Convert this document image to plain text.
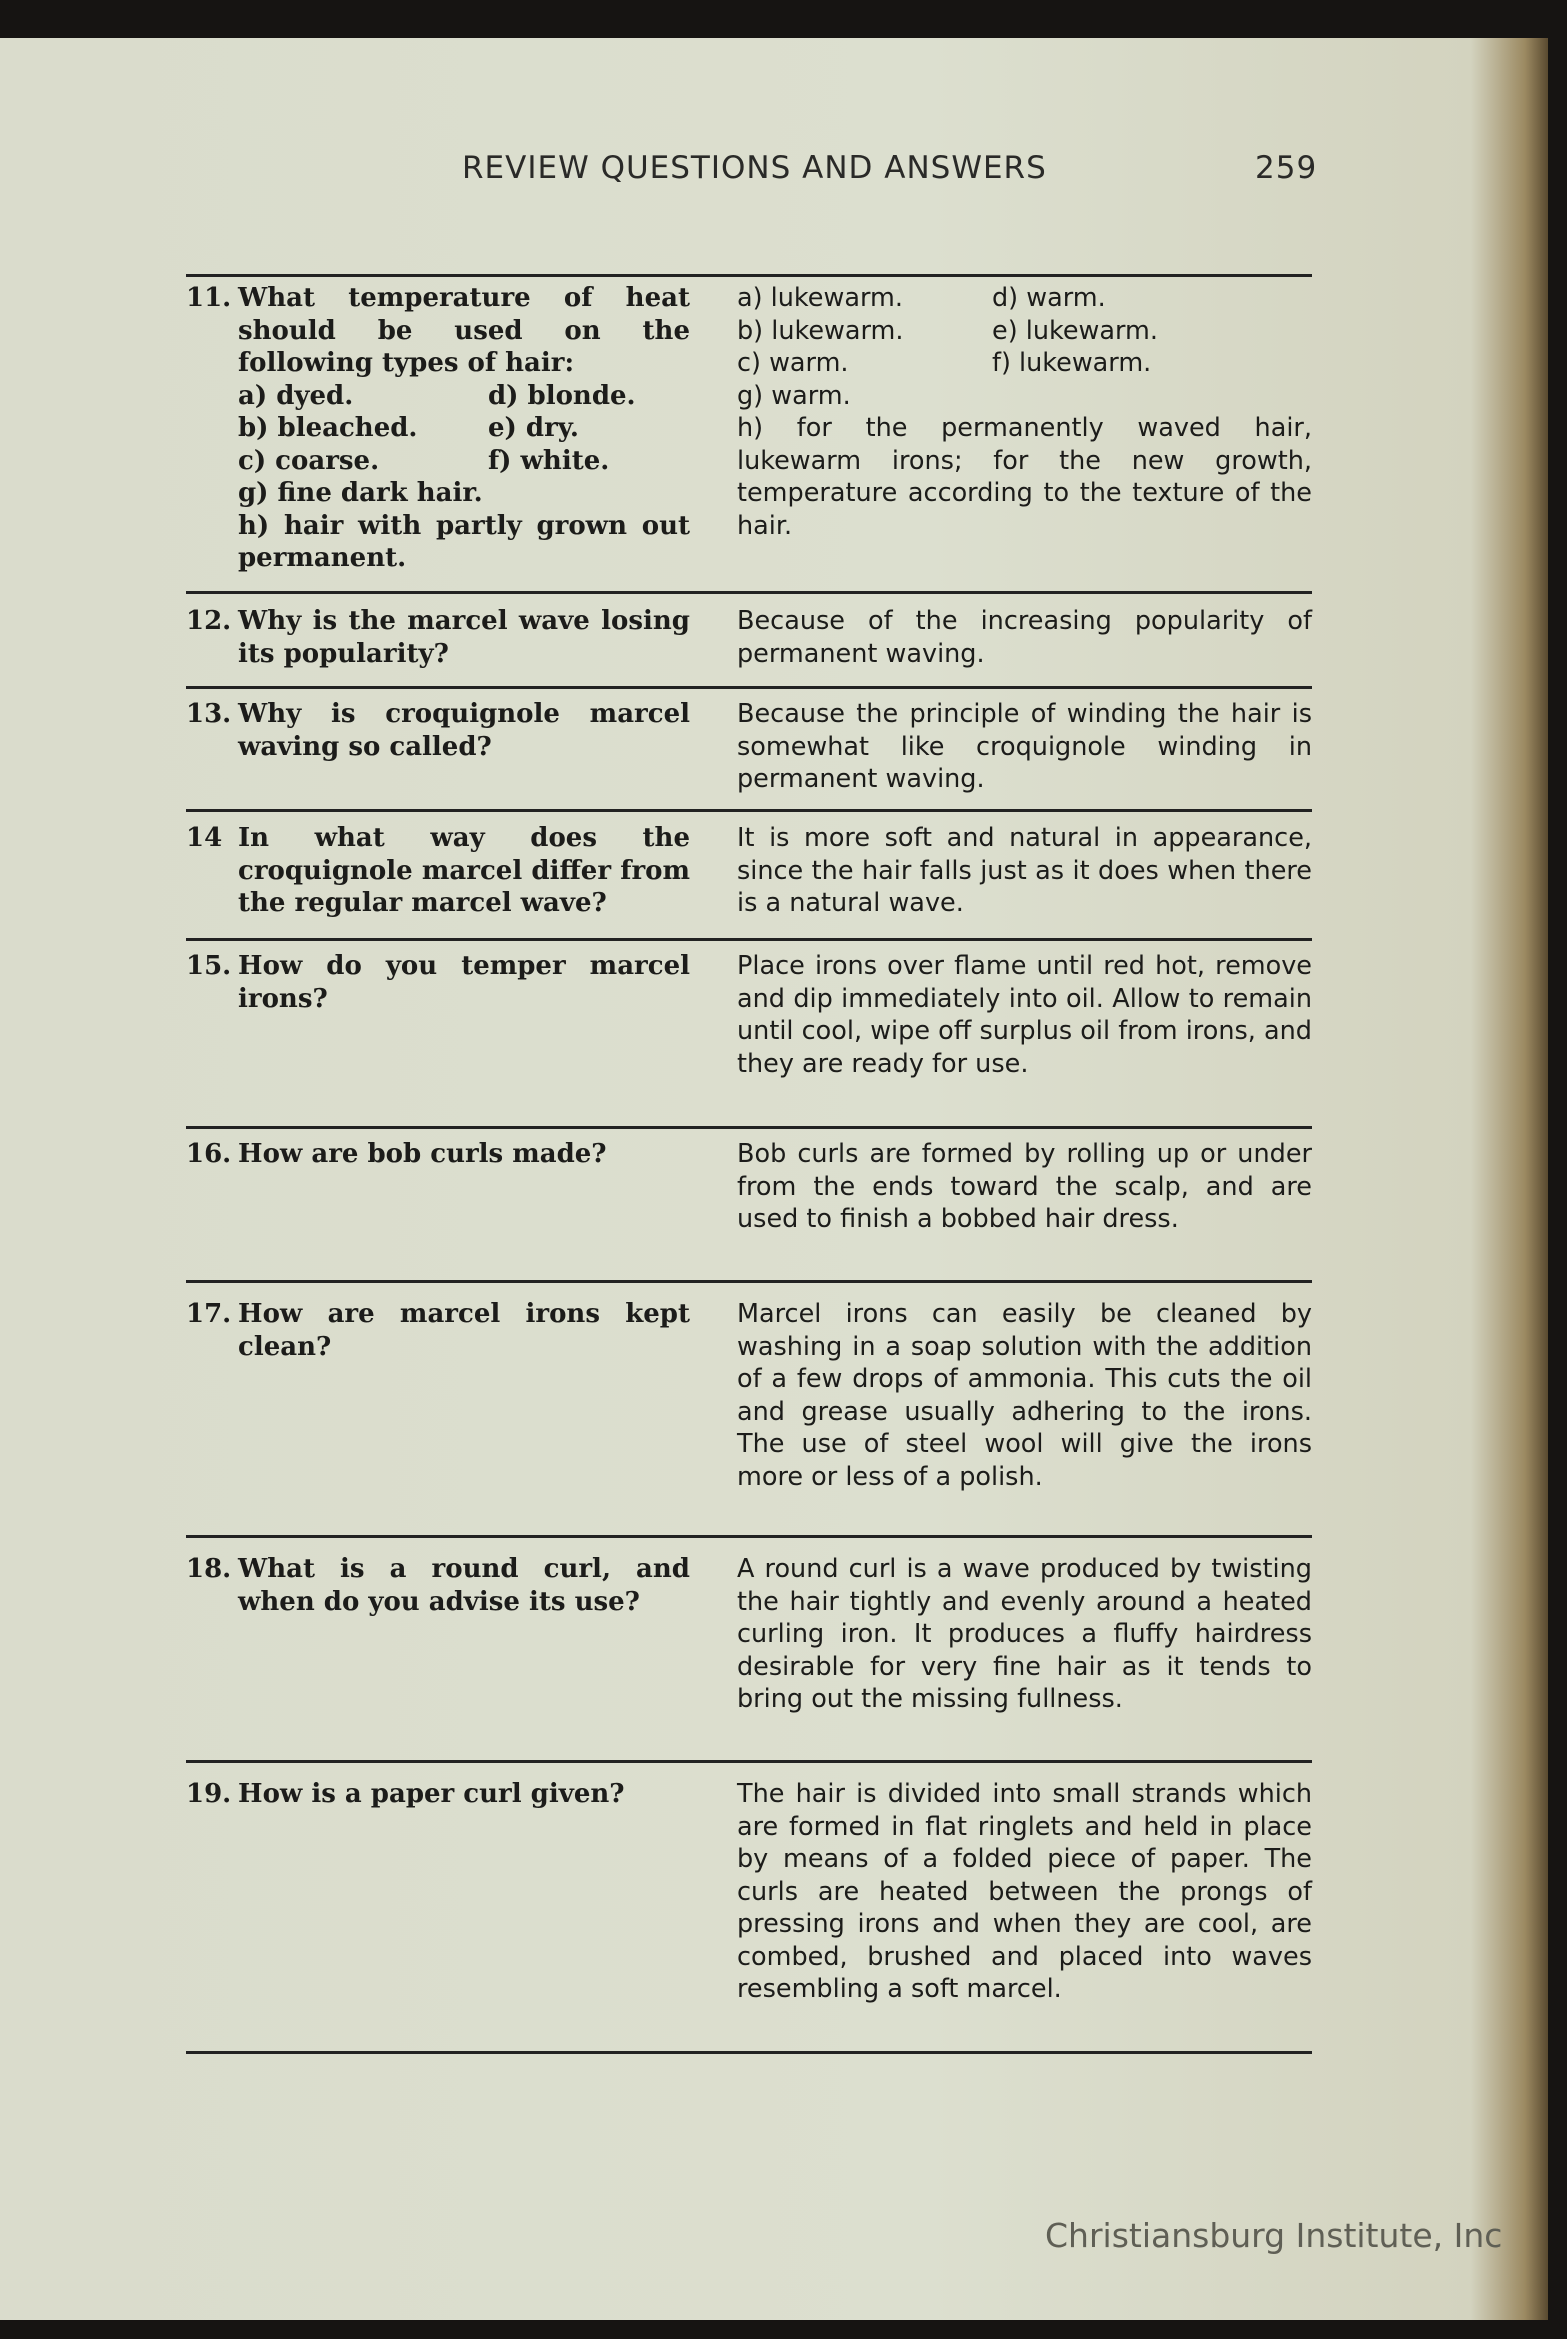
REVIEW QUESTIONS AND ANSWERS	259
11. What temperature of heat should be used on the following types of hair:
a) dyed.	d) blonde.
b) bleached.	e) dry.
c) coarse.	f) white.
g) fine dark hair.
h) hair with partly grown out permanent.
a) lukewarm.	d) warm.
b) lukewarm.	e) lukewarm.
c) warm.	f) lukewarm.
g) warm.
h) for the permanently waved hair, lukewarm irons; for the new growth, temperature according to the texture of the hair.
12. Why is the marcel wave losing its popularity?
Because of the increasing popularity of permanent waving.
13. Why is croquignole marcel waving so called?
Because the principle of winding the hair is somewhat like croquignole winding in permanent waving.
14 In what way does the croquignole marcel differ from the regular marcel wave?
It is more soft and natural in appearance, since the hair falls just as it does when there is a natural wave.
15. How do you temper marcel irons?
Place irons over flame until red hot, remove and dip immediately into oil. Allow to remain until cool, wipe off surplus oil from irons, and they are ready for use.
16. How are bob curls made?	Bob curls are formed by rolling up or under from the ends toward the scalp, and are used to finish a bobbed hair dress.
17. How are marcel irons kept clean?
Marcel irons can easily be cleaned by washing in a soap solution with the addition of a few drops of ammonia. This cuts the oil and grease usually adhering to the irons. The use of steel wool will give the irons more or less of a polish.
18. What is a round curl, and when do you advise its use?
A round curl is a wave produced by twisting the hair tightly and evenly around a heated curling iron. It produces a fluffy hairdress desirable for very fine hair as it tends to bring out the missing fullness.
19. How is a paper curl given?	The hair is divided into small strands which are formed in flat ringlets and held in place by means of a folded piece of paper. The curls are heated between the prongs of pressing irons and when they are cool, are combed, brushed and placed into waves resembling a soft marcel.
Christiansburg Institute, Inc
